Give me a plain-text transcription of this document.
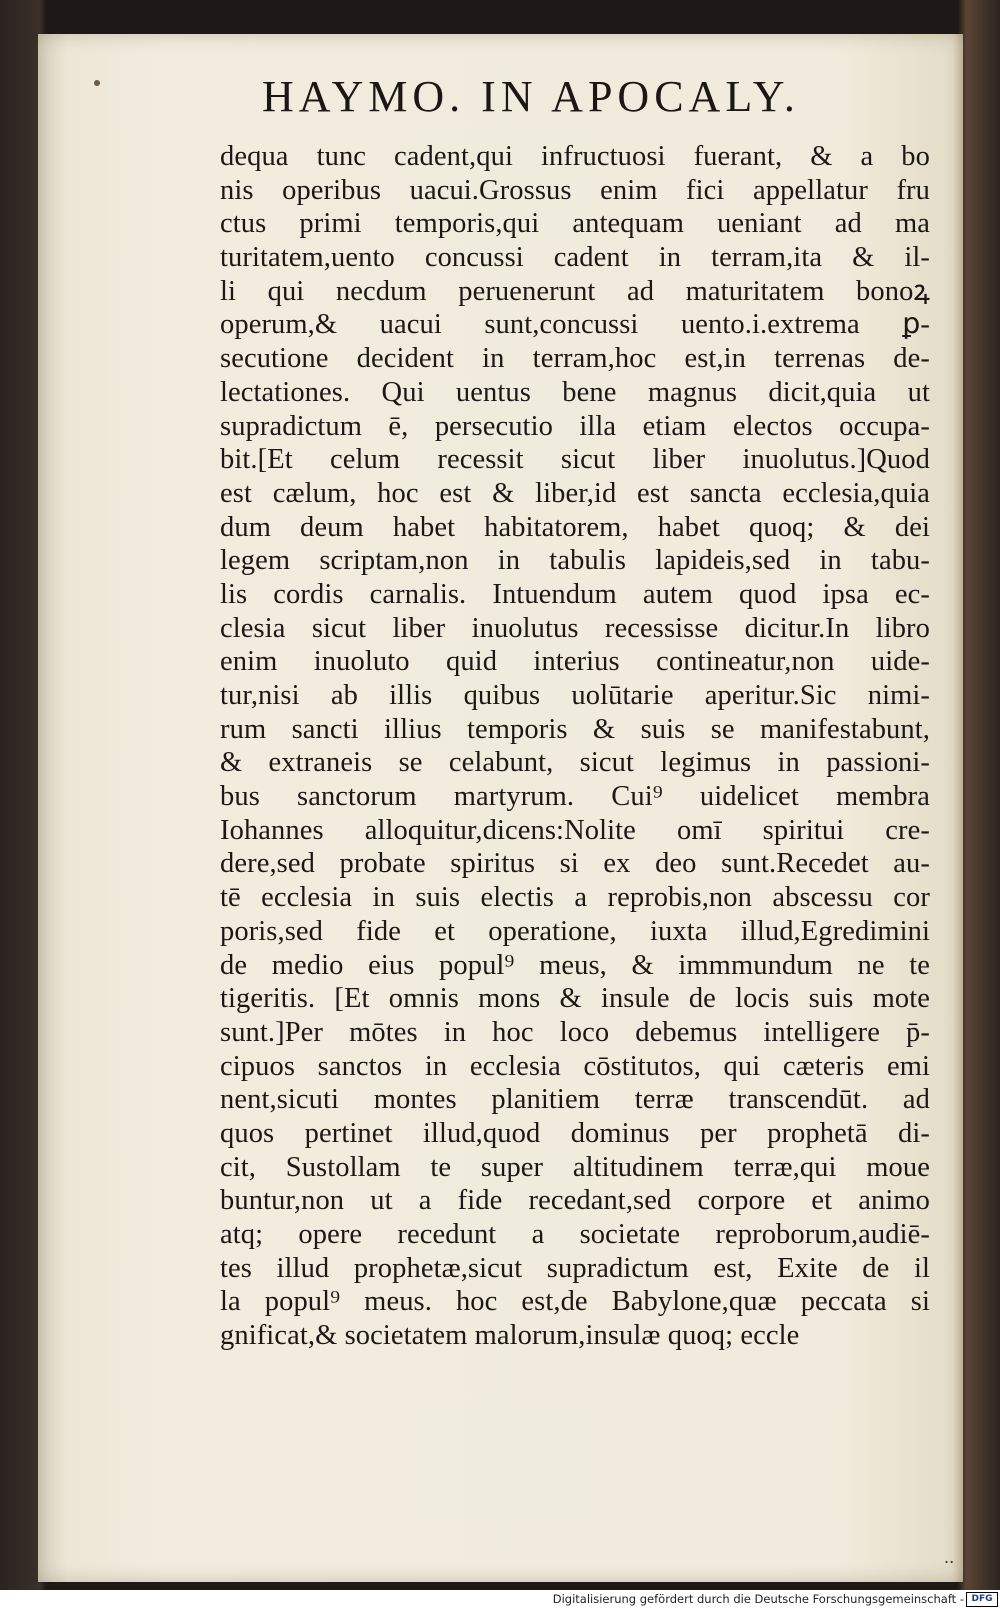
HAYMO. IN APOCALY.
dequa tunc cadent,qui infructuosi fuerant, & a bo
nis operibus uacui.Grossus enim fici appellatur fru
ctus primi temporis,qui antequam ueniant ad ma
turitatem,uento concussi cadent in terram,ita & il-
li qui necdum peruenerunt ad maturitatem bonoꝝ
operum,& uacui sunt,concussi uento.i.extrema ꝑ-
secutione decident in terram,hoc est,in terrenas de-
lectationes. Qui uentus bene magnus dicit,quia ut
supradictum ē, persecutio illa etiam electos occupa-
bit.[Et celum recessit sicut liber inuolutus.]Quod
est cælum, hoc est & liber,id est sancta ecclesia,quia
dum deum habet habitatorem, habet quoq; & dei
legem scriptam,non in tabulis lapideis,sed in tabu-
lis cordis carnalis. Intuendum autem quod ipsa ec-
clesia sicut liber inuolutus recessisse dicitur.In libro
enim inuoluto quid interius contineatur,non uide-
tur,nisi ab illis quibus uolūtarie aperitur.Sic nimi-
rum sancti illius temporis & suis se manifestabunt,
& extraneis se celabunt, sicut legimus in passioni-
bus sanctorum martyrum. Cui⁹ uidelicet membra
Iohannes alloquitur,dicens:Nolite omī spiritui cre-
dere,sed probate spiritus si ex deo sunt.Recedet au-
tē ecclesia in suis electis a reprobis,non abscessu cor
poris,sed fide et operatione, iuxta illud,Egredimini
de medio eius popul⁹ meus, & immmundum ne te
tigeritis. [Et omnis mons & insule de locis suis mote
sunt.]Per mōtes in hoc loco debemus intelligere p̄-
cipuos sanctos in ecclesia cōstitutos, qui cæteris emi
nent,sicuti montes planitiem terræ transcendūt. ad
quos pertinet illud,quod dominus per prophetā di-
cit, Sustollam te super altitudinem terræ,qui moue
buntur,non ut a fide recedant,sed corpore et animo
atq; opere recedunt a societate reproborum,audiē-
tes illud prophetæ,sicut supradictum est, Exite de il
la popul⁹ meus. hoc est,de Babylone,quæ peccata si
gnificat,& societatem malorum,insulæ quoq; eccle
..
Digitalisierung gefördert durch die Deutsche Forschungsgemeinschaft - DFG
